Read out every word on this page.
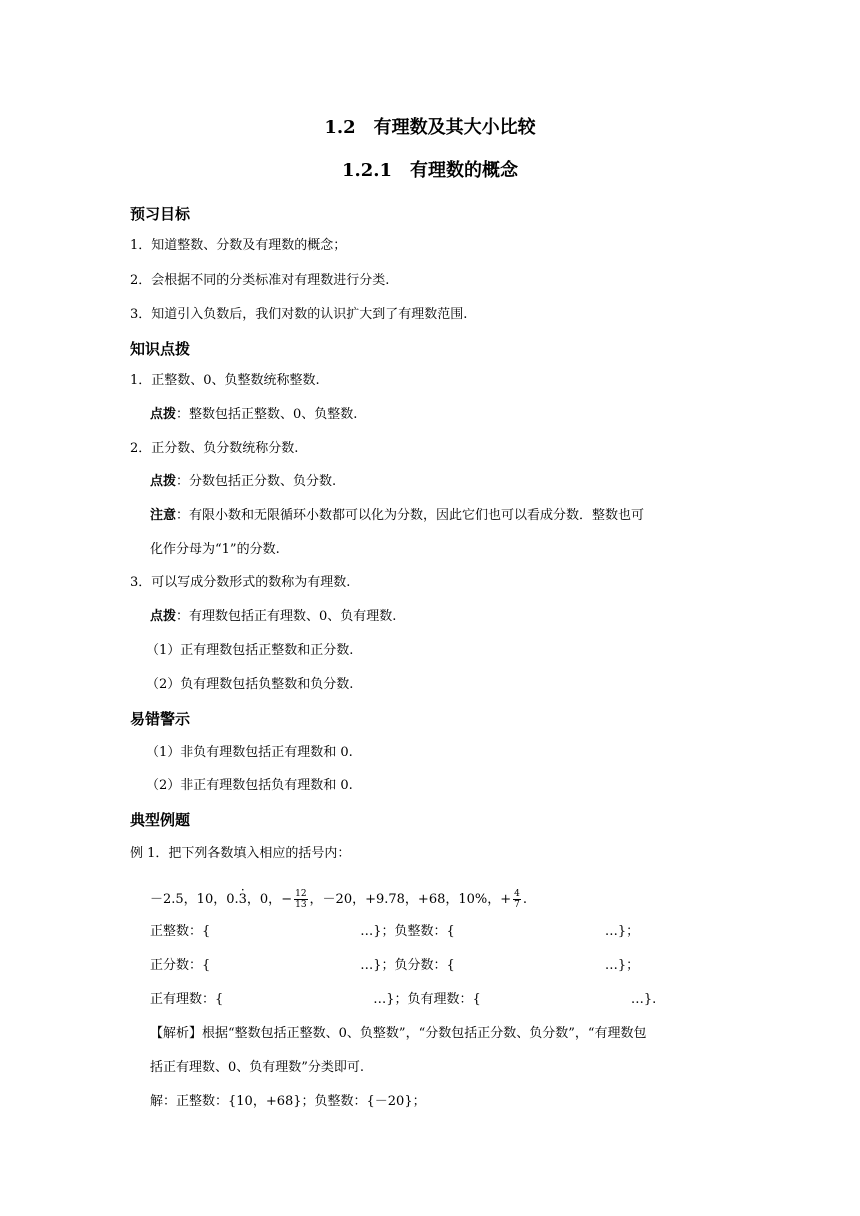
1.2 有理数及其大小比较
1.2.1 有理数的概念
预习目标
1．知道整数、分数及有理数的概念；
2．会根据不同的分类标准对有理数进行分类.
3．知道引入负数后，我们对数的认识扩大到了有理数范围.
知识点拨
1．正整数、0、负整数统称整数.
点拨：整数包括正整数、0、负整数.
2．正分数、负分数统称分数.
点拨：分数包括正分数、负分数.
注意：有限小数和无限循环小数都可以化为分数，因此它们也可以看成分数．整数也可
化作分母为“1”的分数.
3．可以写成分数形式的数称为有理数.
点拨：有理数包括正有理数、0、负有理数.
（1）正有理数包括正整数和正分数.
（2）负有理数包括负整数和负分数.
易错警示
（1）非负有理数包括正有理数和 0.
（2）非正有理数包括负有理数和 0.
典型例题
例 1．把下列各数填入相应的括号内：
－2.5，10，0.· 3，0，− $\frac{12}{13}$ ，－20，+9.78，+68，10%，+ $\frac{4}{7}$ .
正整数：{	…}；负整数：{	…}；
正分数：{	…}；负分数：{	…}；
正有理数：{	…}；负有理数：{	…}.
【解析】根据“整数包括正整数、0、负整数”，“分数包括正分数、负分数”，“有理数包
括正有理数、0、负有理数”分类即可.
解：正整数：{10，+68}；负整数：{－20}；
